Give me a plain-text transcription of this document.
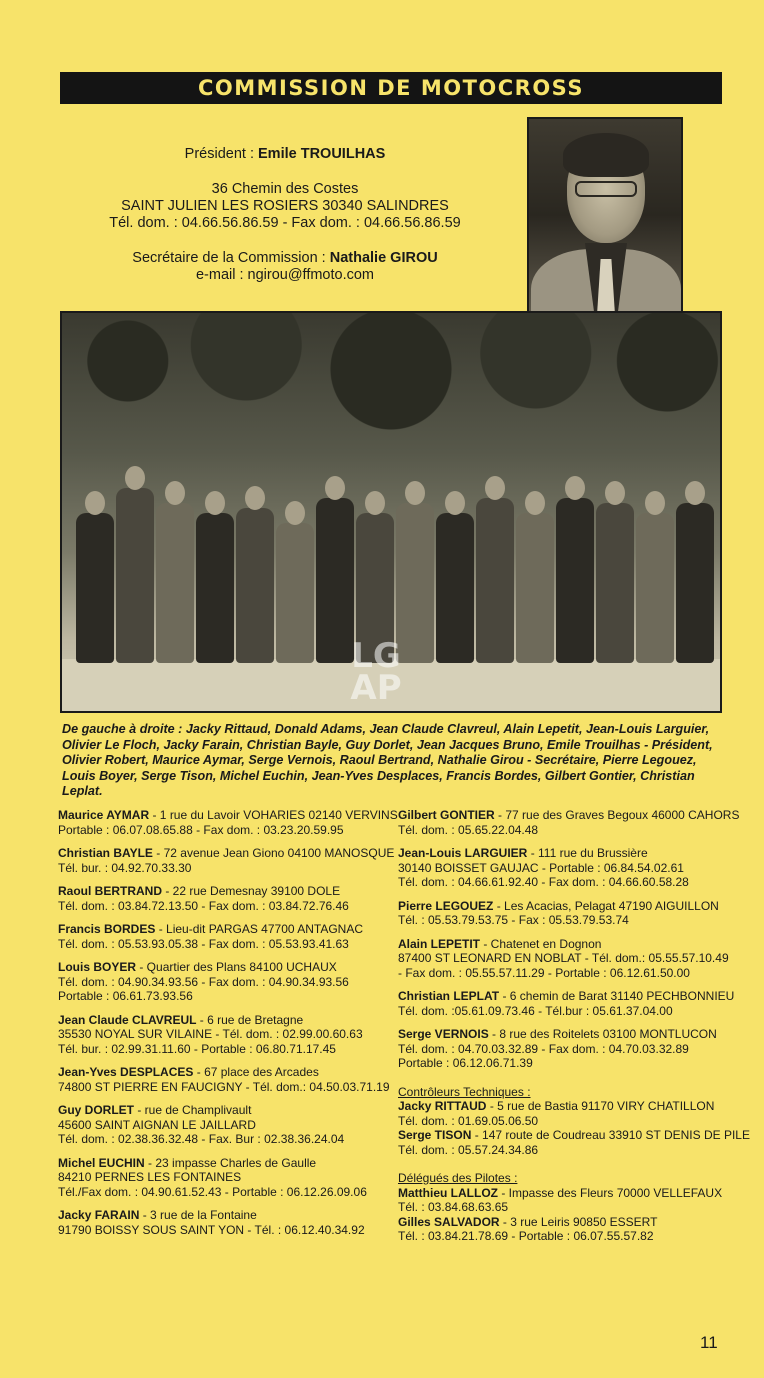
COMMISSION DE MOTOCROSS

Président : Emile TROUILHAS

36 Chemin des Costes

SAINT JULIEN LES ROSIERS 30340 SALINDRES

Tél. dom. : 04.66.56.86.59 - Fax dom. : 04.66.56.86.59

Secrétaire de la Commission : Nathalie GIROU

e-mail : ngirou@ffmoto.com

LG
AP
De gauche à droite : Jacky Rittaud, Donald Adams, Jean Claude Clavreul, Alain Lepetit, Jean-Louis Larguier, Olivier Le Floch, Jacky Farain, Christian Bayle, Guy Dorlet, Jean Jacques Bruno, Emile Trouilhas - Président, Olivier Robert, Maurice Aymar, Serge Vernois, Raoul Bertrand, Nathalie Girou - Secrétaire, Pierre Legouez, Louis Boyer, Serge Tison, Michel Euchin, Jean-Yves Desplaces, Francis Bordes, Gilbert Gontier, Christian Leplat.
Maurice AYMAR - 1 rue du Lavoir VOHARIES 02140 VERVINS
Portable : 06.07.08.65.88 - Fax dom. : 03.23.20.59.95
Christian BAYLE - 72 avenue Jean Giono 04100 MANOSQUE
Tél. bur. : 04.92.70.33.30
Raoul BERTRAND - 22 rue Demesnay 39100 DOLE
Tél. dom. : 03.84.72.13.50 - Fax dom. : 03.84.72.76.46
Francis BORDES - Lieu-dit PARGAS 47700 ANTAGNAC
Tél. dom. : 05.53.93.05.38 - Fax dom. : 05.53.93.41.63
Louis BOYER - Quartier des Plans 84100 UCHAUX
Tél. dom. : 04.90.34.93.56 - Fax dom. : 04.90.34.93.56
Portable : 06.61.73.93.56
Jean Claude CLAVREUL - 6 rue de Bretagne
35530 NOYAL SUR VILAINE - Tél. dom. : 02.99.00.60.63
Tél. bur. : 02.99.31.11.60 - Portable : 06.80.71.17.45
Jean-Yves DESPLACES - 67 place des Arcades
74800 ST PIERRE EN FAUCIGNY - Tél. dom.: 04.50.03.71.19
Guy DORLET - rue de Champlivault
45600 SAINT AIGNAN LE JAILLARD
Tél. dom. : 02.38.36.32.48 - Fax. Bur : 02.38.36.24.04
Michel EUCHIN - 23 impasse Charles de Gaulle
84210 PERNES LES FONTAINES
Tél./Fax dom. : 04.90.61.52.43 - Portable : 06.12.26.09.06
Jacky FARAIN - 3 rue de la Fontaine
91790 BOISSY SOUS SAINT YON - Tél. : 06.12.40.34.92
Gilbert GONTIER - 77 rue des Graves Begoux 46000 CAHORS
Tél. dom. : 05.65.22.04.48
Jean-Louis LARGUIER - 111 rue du Brussière
30140 BOISSET GAUJAC - Portable : 06.84.54.02.61
Tél. dom. : 04.66.61.92.40 - Fax dom. : 04.66.60.58.28
Pierre LEGOUEZ - Les Acacias, Pelagat 47190 AIGUILLON
Tél. : 05.53.79.53.75 - Fax : 05.53.79.53.74
Alain LEPETIT - Chatenet en Dognon
87400 ST LEONARD EN NOBLAT - Tél. dom.: 05.55.57.10.49
- Fax dom. : 05.55.57.11.29 - Portable : 06.12.61.50.00
Christian LEPLAT - 6 chemin de Barat 31140 PECHBONNIEU
Tél. dom. :05.61.09.73.46 - Tél.bur : 05.61.37.04.00
Serge VERNOIS - 8 rue des Roitelets 03100 MONTLUCON
Tél. dom. : 04.70.03.32.89 - Fax dom. : 04.70.03.32.89
Portable : 06.12.06.71.39
Contrôleurs Techniques :
Jacky RITTAUD - 5 rue de Bastia 91170 VIRY CHATILLON
Tél. dom. : 01.69.05.06.50
Serge TISON - 147 route de Coudreau 33910 ST DENIS DE PILE
Tél. dom. : 05.57.24.34.86
Délégués des Pilotes :
Matthieu LALLOZ - Impasse des Fleurs 70000 VELLEFAUX
Tél. : 03.84.68.63.65
Gilles SALVADOR - 3 rue Leiris 90850 ESSERT
Tél. : 03.84.21.78.69 - Portable : 06.07.55.57.82
11
